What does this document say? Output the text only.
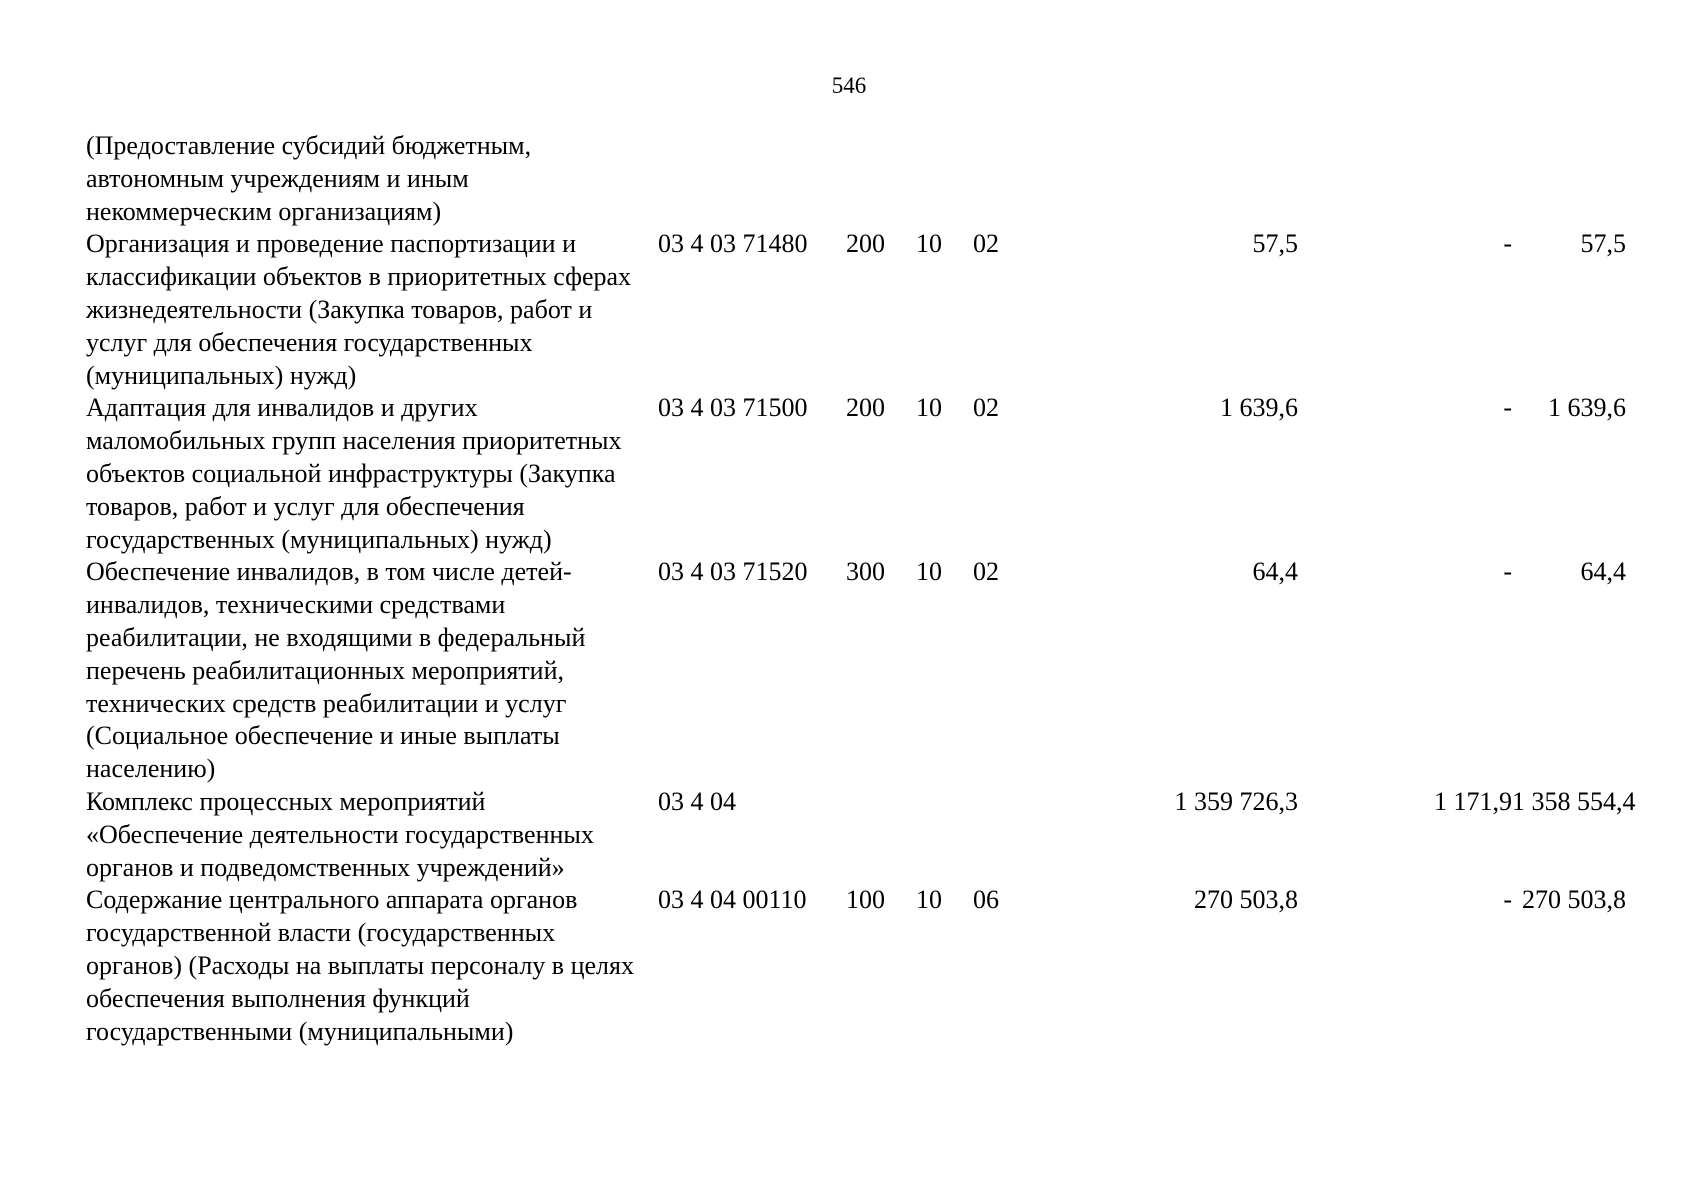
546
(Предоставление субсидий бюджетным, автономным учреждениям и иным некоммерческим организациям)							
Организация и проведение паспортизации и классификации объектов в приоритетных сферах жизнедеятельности (Закупка товаров, работ и услуг для обеспечения государственных (муниципальных) нужд)	03 4 03 71480	200	10	02	57,5	-	57,5
Адаптация для инвалидов и других маломобильных групп населения приоритетных объектов социальной инфраструктуры (Закупка товаров, работ и услуг для обеспечения государственных (муниципальных) нужд)	03 4 03 71500	200	10	02	1 639,6	-	1 639,6
Обеспечение инвалидов, в том числе детей-инвалидов, техническими средствами реабилитации, не входящими в федеральный перечень реабилитационных мероприятий, технических средств реабилитации и услуг (Социальное обеспечение и иные выплаты населению)	03 4 03 71520	300	10	02	64,4	-	64,4
Комплекс процессных мероприятий «Обеспечение деятельности государственных органов и подведомственных учреждений»	03 4 04				1 359 726,3	1 171,9	1 358 554,4
Содержание центрального аппарата органов государственной власти (государственных органов) (Расходы на выплаты персоналу в целях обеспечения выполнения функций государственными (муниципальными)	03 4 04 00110	100	10	06	270 503,8	-	270 503,8
